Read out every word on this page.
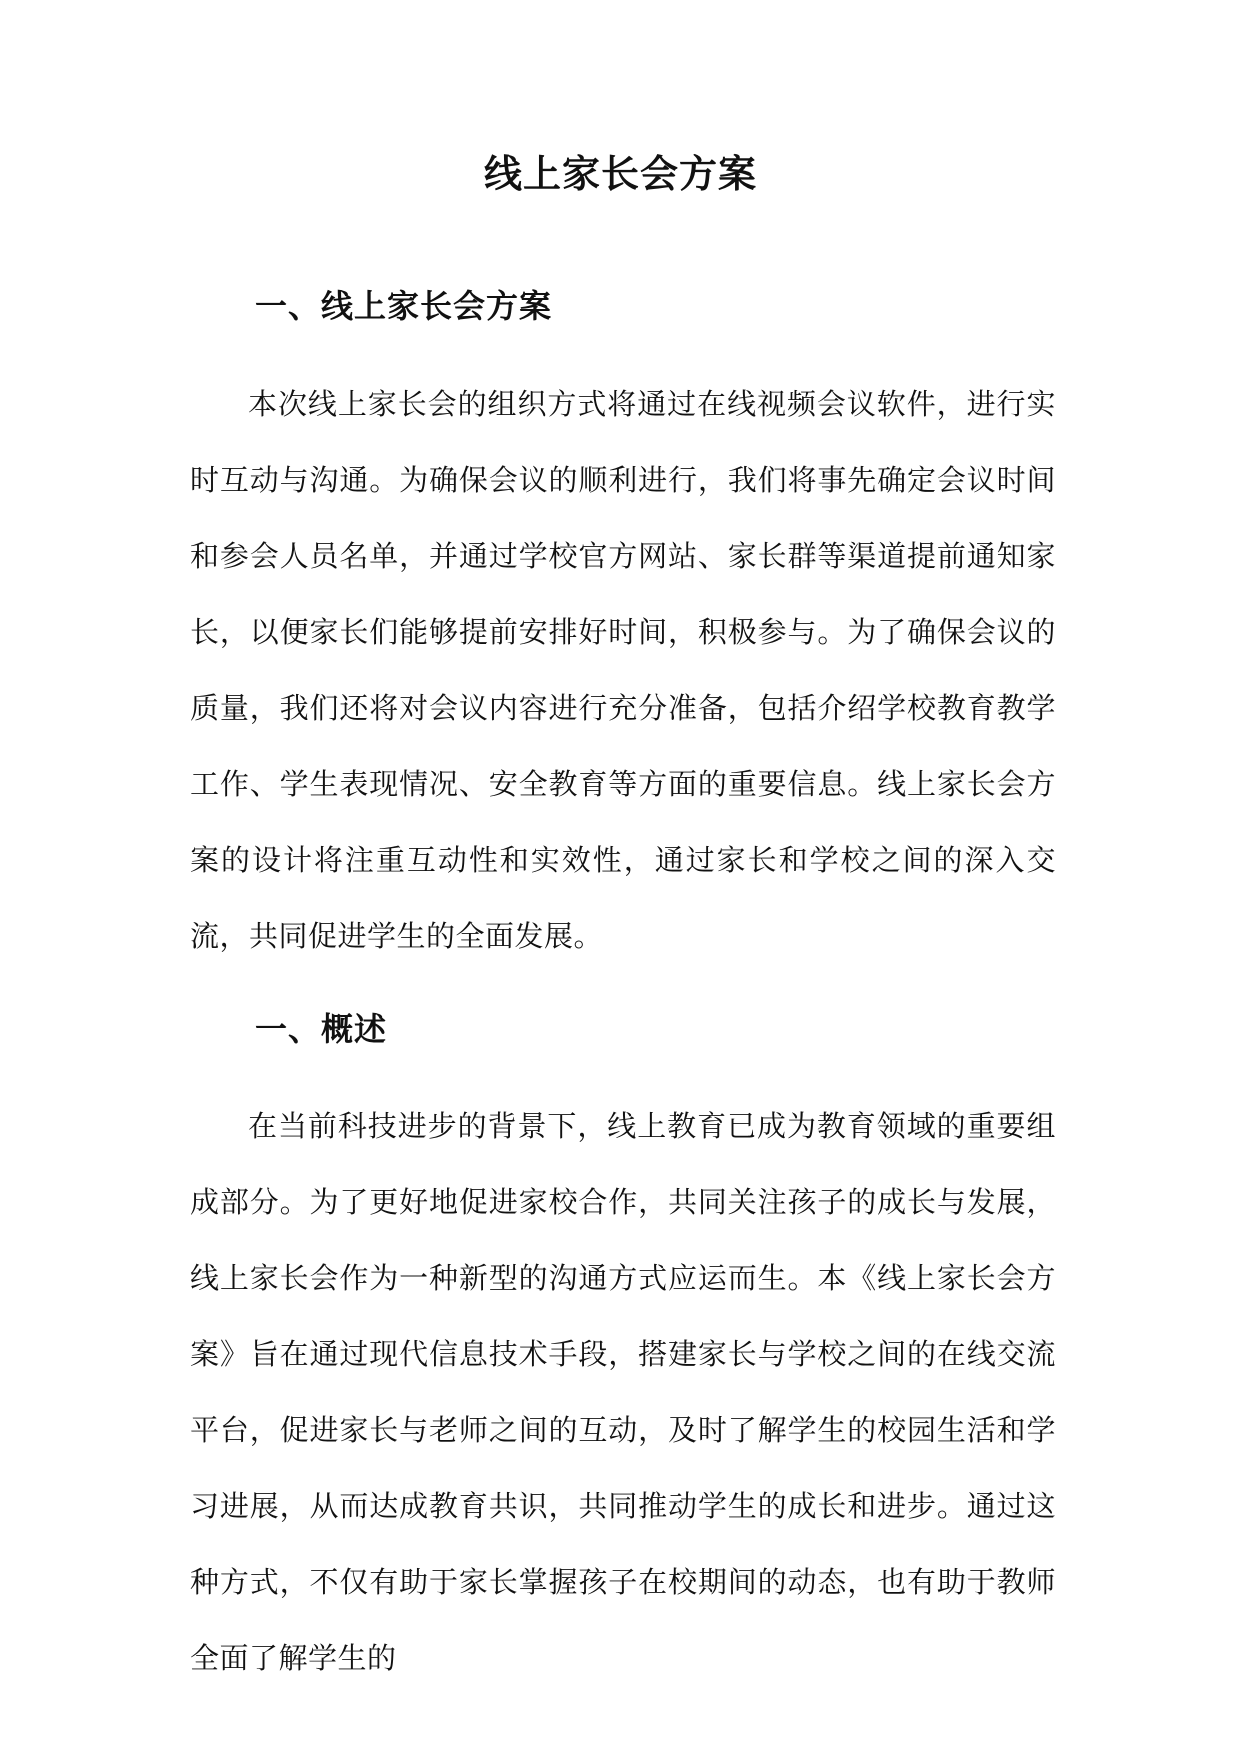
线上家长会方案
一、线上家长会方案

本次线上家长会的组织方式将通过在线视频会议软件，进行实时互动与沟通。为确保会议的顺利进行，我们将事先确定会议时间和参会人员名单，并通过学校官方网站、家长群等渠道提前通知家长，以便家长们能够提前安排好时间，积极参与。为了确保会议的质量，我们还将对会议内容进行充分准备，包括介绍学校教育教学工作、学生表现情况、安全教育等方面的重要信息。线上家长会方案的设计将注重互动性和实效性，通过家长和学校之间的深入交流，共同促进学生的全面发展。

一、概述

在当前科技进步的背景下，线上教育已成为教育领域的重要组成部分。为了更好地促进家校合作，共同关注孩子的成长与发展，线上家长会作为一种新型的沟通方式应运而生。本《线上家长会方案》旨在通过现代信息技术手段，搭建家长与学校之间的在线交流平台，促进家长与老师之间的互动，及时了解学生的校园生活和学习进展，从而达成教育共识，共同推动学生的成长和进步。通过这种方式，不仅有助于家长掌握孩子在校期间的动态，也有助于教师全面了解学生的
